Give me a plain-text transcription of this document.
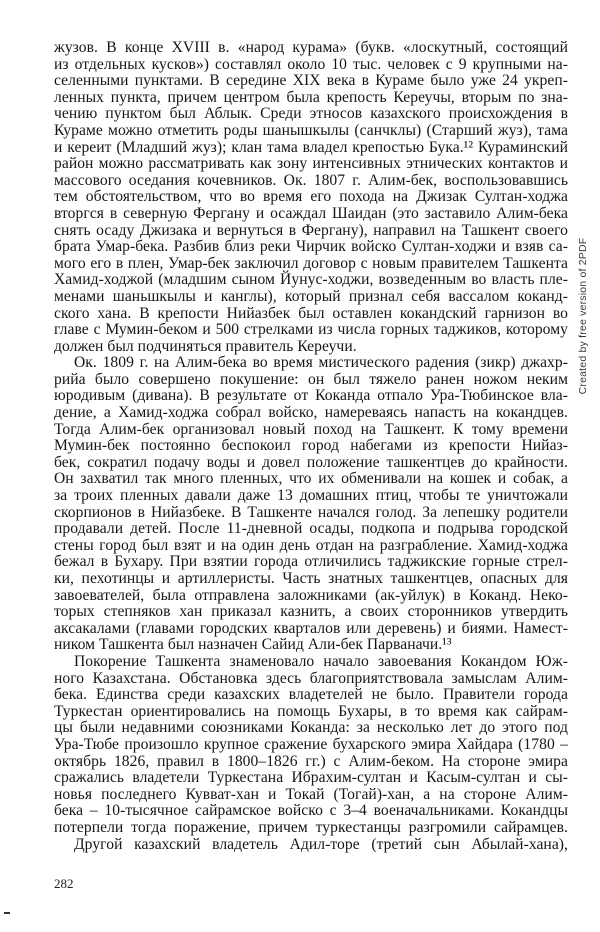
жузов. В конце XVIII в. «народ курама» (букв. «лоскутный, состоящий
из отдельных кусков») составлял около 10 тыс. человек с 9 крупными на-
селенными пунктами. В середине XIX века в Кураме было уже 24 укреп-
ленных пункта, причем центром была крепость Кереучы, вторым по зна-
чению пунктом был Аблык. Среди этносов казахского происхождения в
Кураме можно отметить роды шанышкылы (санчклы) (Старший жуз), тама
и кереит (Младший жуз); клан тама владел крепостью Бука.¹² Кураминский
район можно рассматривать как зону интенсивных этнических контактов и
массового оседания кочевников. Ок. 1807 г. Алим-бек, воспользовавшись
тем обстоятельством, что во время его похода на Джизак Султан-ходжа
вторгся в северную Фергану и осаждал Шаидан (это заставило Алим-бека
снять осаду Джизака и вернуться в Фергану), направил на Ташкент своего
брата Умар-бека. Разбив близ реки Чирчик войско Султан-ходжи и взяв са-
мого его в плен, Умар-бек заключил договор с новым правителем Ташкента
Хамид-ходжой (младшим сыном Йунус-ходжи, возведенным во власть пле-
менами шаньшкылы и канглы), который признал себя вассалом коканд-
ского хана. В крепости Нийазбек был оставлен кокандский гарнизон во
главе с Мумин-беком и 500 стрелками из числа горных таджиков, которому
должен был подчиняться правитель Кереучи.
Ок. 1809 г. на Алим-бека во время мистического радения (зикр) джахр-
рийа было совершено покушение: он был тяжело ранен ножом неким
юродивым (дивана). В результате от Коканда отпало Ура-Тюбинское вла-
дение, а Хамид-ходжа собрал войско, намереваясь напасть на кокандцев.
Тогда Алим-бек организовал новый поход на Ташкент. К тому времени
Мумин-бек постоянно беспокоил город набегами из крепости Нийаз-
бек, сократил подачу воды и довел положение ташкентцев до крайности.
Он захватил так много пленных, что их обменивали на кошек и собак, а
за троих пленных давали даже 13 домашних птиц, чтобы те уничтожали
скорпионов в Нийазбеке. В Ташкенте начался голод. За лепешку родители
продавали детей. После 11-дневной осады, подкопа и подрыва городской
стены город был взят и на один день отдан на разграбление. Хамид-ходжа
бежал в Бухару. При взятии города отличились таджикские горные стрел-
ки, пехотинцы и артиллеристы. Часть знатных ташкентцев, опасных для
завоевателей, была отправлена заложниками (ак-уйлук) в Коканд. Неко-
торых степняков хан приказал казнить, а своих сторонников утвердить
аксакалами (главами городских кварталов или деревень) и биями. Намест-
ником Ташкента был назначен Сайид Али-бек Парваначи.¹³
Покорение Ташкента знаменовало начало завоевания Кокандом Юж-
ного Казахстана. Обстановка здесь благоприятствовала замыслам Алим-
бека. Единства среди казахских владетелей не было. Правители города
Туркестан ориентировались на помощь Бухары, в то время как сайрам-
цы были недавними союзниками Коканда: за несколько лет до этого под
Ура-Тюбе произошло крупное сражение бухарского эмира Хайдара (1780 –
октябрь 1826, правил в 1800–1826 гг.) с Алим-беком. На стороне эмира
сражались владетели Туркестана Ибрахим-султан и Касым-султан и сы-
новья последнего Кувват-хан и Токай (Тогай)-хан, а на стороне Алим-
бека – 10-тысячное сайрамское войско с 3–4 военачальниками. Кокандцы
потерпели тогда поражение, причем туркестанцы разгромили сайрамцев.
Другой казахский владетель Адил-торе (третий сын Абылай-хана),
Created by free version of 2PDF
282
